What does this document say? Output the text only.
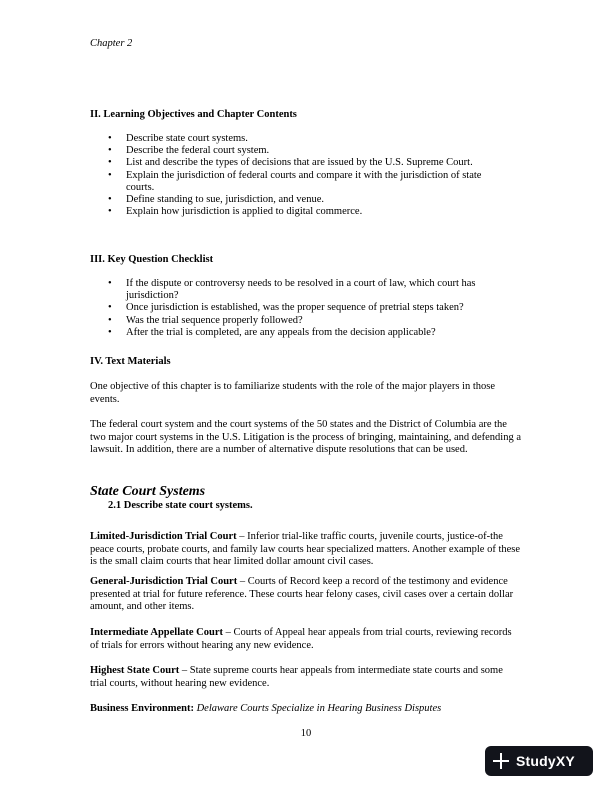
Chapter 2
II. Learning Objectives and Chapter Contents
• Describe state court systems.
• Describe the federal court system.
• List and describe the types of decisions that are issued by the U.S. Supreme Court.
• Explain the jurisdiction of federal courts and compare it with the jurisdiction of state courts.
• Define standing to sue, jurisdiction, and venue.
• Explain how jurisdiction is applied to digital commerce.
III. Key Question Checklist
• If the dispute or controversy needs to be resolved in a court of law, which court has jurisdiction?
• Once jurisdiction is established, was the proper sequence of pretrial steps taken?
• Was the trial sequence properly followed?
• After the trial is completed, are any appeals from the decision applicable?
IV. Text Materials

One objective of this chapter is to familiarize students with the role of the major players in those events.

The federal court system and the court systems of the 50 states and the District of Columbia are the two major court systems in the U.S. Litigation is the process of bringing, maintaining, and defending a lawsuit. In addition, there are a number of alternative dispute resolutions that can be used.

State Court Systems
2.1 Describe state court systems.

Limited-Jurisdiction Trial Court – Inferior trial-like traffic courts, juvenile courts, justice-of-the peace courts, probate courts, and family law courts hear specialized matters. Another example of these is the small claim courts that hear limited dollar amount civil cases.

General-Jurisdiction Trial Court – Courts of Record keep a record of the testimony and evidence presented at trial for future reference. These courts hear felony cases, civil cases over a certain dollar amount, and other items.

Intermediate Appellate Court – Courts of Appeal hear appeals from trial courts, reviewing records of trials for errors without hearing any new evidence.

Highest State Court – State supreme courts hear appeals from intermediate state courts and some trial courts, without hearing new evidence.

Business Environment: Delaware Courts Specialize in Hearing Business Disputes

10
StudyXY
